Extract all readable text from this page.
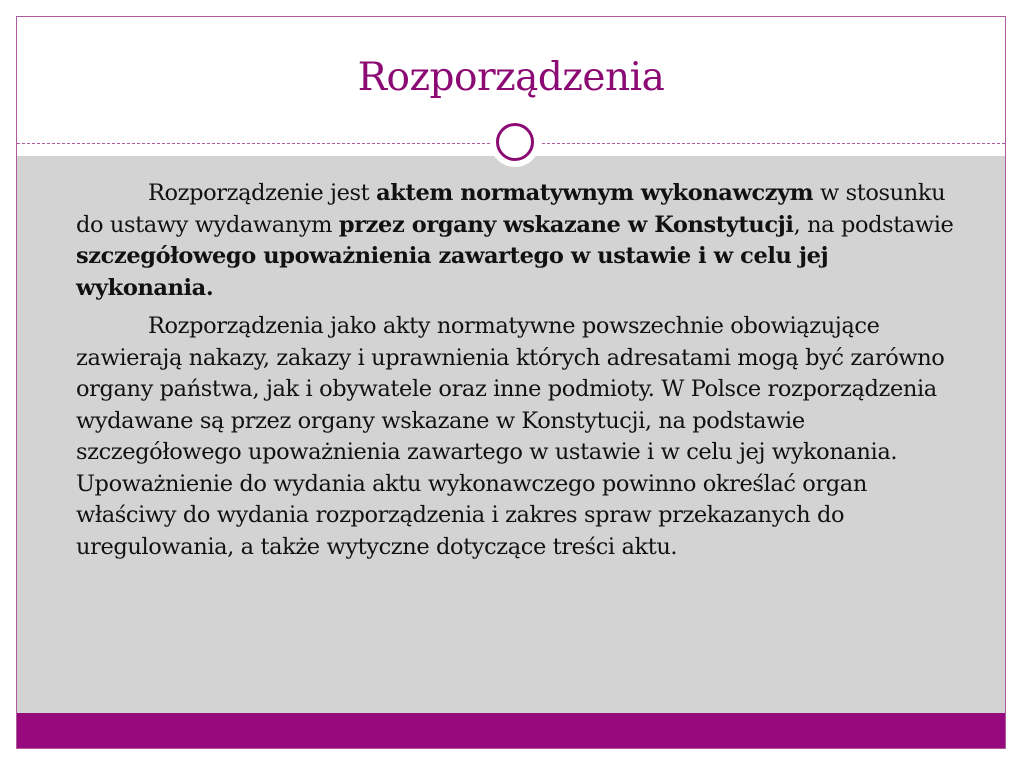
Rozporządzenia

Rozporządzenie jest aktem normatywnym wykonawczym w stosunku do ustawy wydawanym przez organy wskazane w Konstytucji, na podstawie szczegółowego upoważnienia zawartego w ustawie i w celu jej wykonania.

Rozporządzenia jako akty normatywne powszechnie obowiązujące zawierają nakazy, zakazy i uprawnienia których adresatami mogą być zarówno organy państwa, jak i obywatele oraz inne podmioty. W Polsce rozporządzenia wydawane są przez organy wskazane w Konstytucji, na podstawie szczegółowego upoważnienia zawartego w ustawie i w celu jej wykonania. Upoważnienie do wydania aktu wykonawczego powinno określać organ właściwy do wydania rozporządzenia i zakres spraw przekazanych do uregulowania, a także wytyczne dotyczące treści aktu.
